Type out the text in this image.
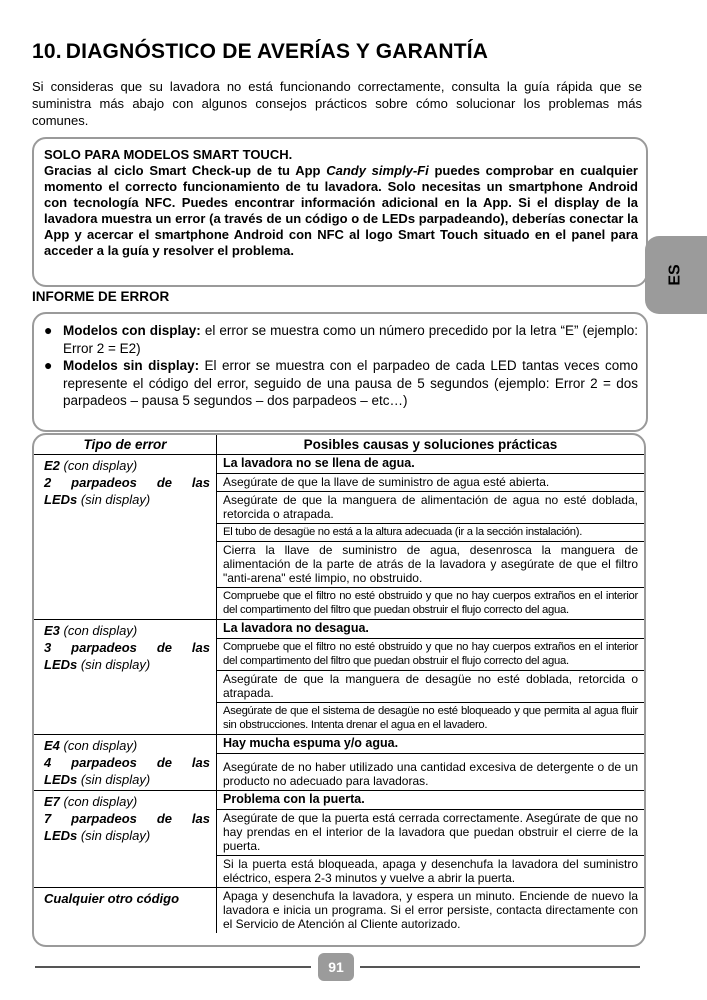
10. DIAGNÓSTICO DE AVERÍAS Y GARANTÍA
Si consideras que su lavadora no está funcionando correctamente, consulta la guía rápida que se suministra más abajo con algunos consejos prácticos sobre cómo solucionar los problemas más comunes.
SOLO PARA MODELOS SMART TOUCH.
Gracias al ciclo Smart Check-up de tu App Candy simply-Fi puedes comprobar en cualquier momento el correcto funcionamiento de tu lavadora. Solo necesitas un smartphone Android con tecnología NFC. Puedes encontrar información adicional en la App. Si el display de la lavadora muestra un error (a través de un código o de LEDs parpadeando), deberías conectar la App y acercar el smartphone Android con NFC al logo Smart Touch situado en el panel para acceder a la guía y resolver el problema.
INFORME DE ERROR
● Modelos con display: el error se muestra como un número precedido por la letra “E” (ejemplo: Error 2 = E2)
● Modelos sin display: El error se muestra con el parpadeo de cada LED tantas veces como represente el código del error, seguido de una pausa de 5 segundos (ejemplo: Error 2 = dos parpadeos – pausa 5 segundos – dos parpadeos – etc…)
ES
Tipo de error	Posibles causas y soluciones prácticas

E2 (con display)
2 parpadeos de las
LEDs (sin display)	La lavadora no se llena de agua.
	Asegúrate de que la llave de suministro de agua esté abierta.
	Asegúrate de que la manguera de alimentación de agua no esté doblada, retorcida o atrapada.
	El tubo de desagüe no está a la altura adecuada (ir a la sección instalación).
	Cierra la llave de suministro de agua, desenrosca la manguera de alimentación de la parte de atrás de la lavadora y asegúrate de que el filtro "anti-arena" esté limpio, no obstruido.
	Compruebe que el filtro no esté obstruido y que no hay cuerpos extraños en el interior del compartimento del filtro que puedan obstruir el flujo correcto del agua.

E3 (con display)
3 parpadeos de las
LEDs (sin display)	La lavadora no desagua.
	Compruebe que el filtro no esté obstruido y que no hay cuerpos extraños en el interior del compartimento del filtro que puedan obstruir el flujo correcto del agua.
	Asegúrate de que la manguera de desagüe no esté doblada, retorcida o atrapada.
	Asegúrate de que el sistema de desagüe no esté bloqueado y que permita al agua fluir sin obstrucciones. Intenta drenar el agua en el lavadero.

E4 (con display)
4 parpadeos de las
LEDs (sin display)	Hay mucha espuma y/o agua.
	Asegúrate de no haber utilizado una cantidad excesiva de detergente o de un producto no adecuado para lavadoras.

E7 (con display)
7 parpadeos de las
LEDs (sin display)	Problema con la puerta.
	Asegúrate de que la puerta está cerrada correctamente. Asegúrate de que no hay prendas en el interior de la lavadora que puedan obstruir el cierre de la puerta.
	Si la puerta está bloqueada, apaga y desenchufa la lavadora del suministro eléctrico, espera 2-3 minutos y vuelve a abrir la puerta.
Cualquier otro código	Apaga y desenchufa la lavadora, y espera un minuto. Enciende de nuevo la lavadora e inicia un programa. Si el error persiste, contacta directamente con el Servicio de Atención al Cliente autorizado.
91
